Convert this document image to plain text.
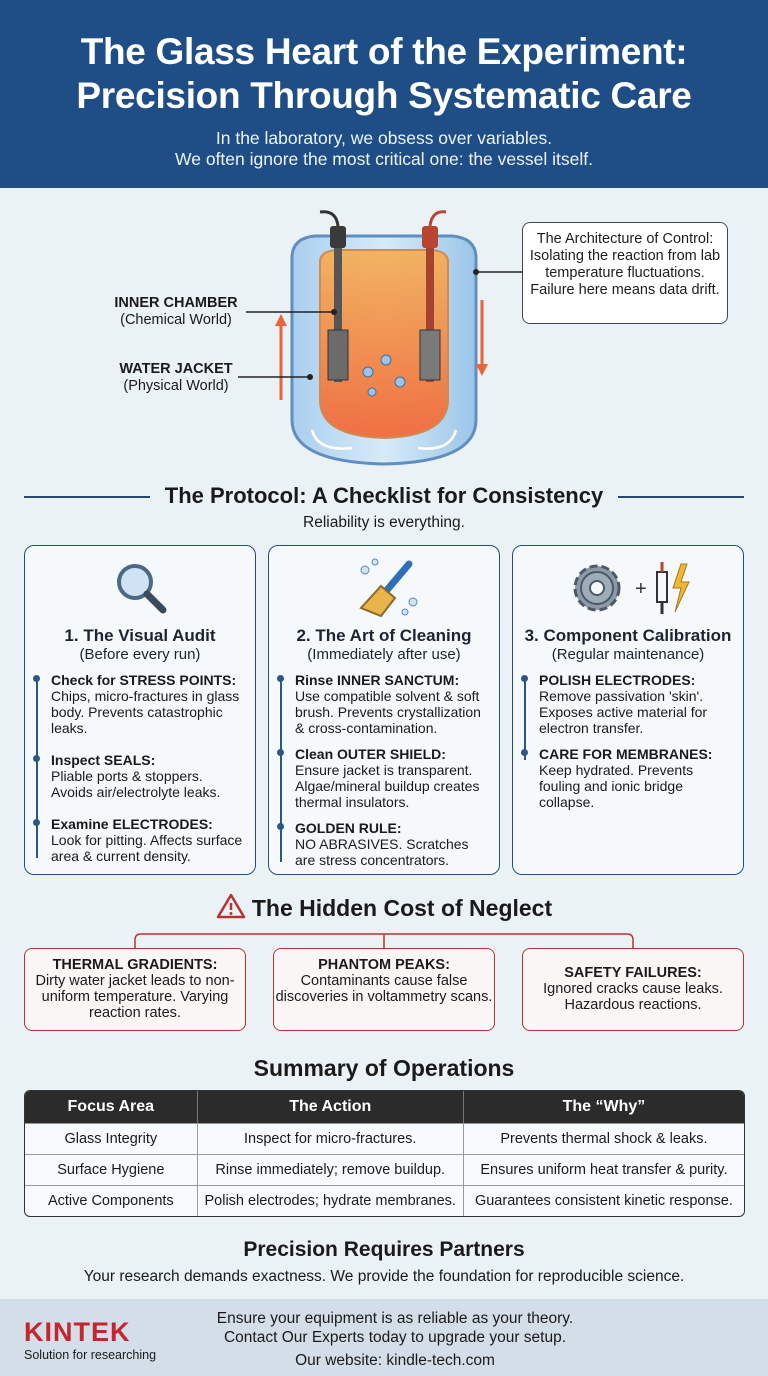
The Glass Heart of the Experiment:
Precision Through Systematic Care
In the laboratory, we obsess over variables.
We often ignore the most critical one: the vessel itself.
INNER CHAMBER
(Chemical World)
WATER JACKET
(Physical World)
The Architecture of Control: Isolating the reaction from lab temperature fluctuations. Failure here means data drift.
The Protocol: A Checklist for Consistency
Reliability is everything.
1. The Visual Audit
(Before every run)
Check for STRESS POINTS:
Chips, micro-fractures in glass body. Prevents catastrophic leaks.
Inspect SEALS:
Pliable ports & stoppers. Avoids air/electrolyte leaks.
Examine ELECTRODES:
Look for pitting. Affects surface area & current density.
2. The Art of Cleaning
(Immediately after use)
Rinse INNER SANCTUM:
Use compatible solvent & soft brush. Prevents crystallization & cross-contamination.
Clean OUTER SHIELD:
Ensure jacket is transparent. Algae/mineral buildup creates thermal insulators.
GOLDEN RULE:
NO ABRASIVES. Scratches are stress concentrators.
+
3. Component Calibration
(Regular maintenance)
POLISH ELECTRODES:
Remove passivation 'skin'. Exposes active material for electron transfer.
CARE FOR MEMBRANES:
Keep hydrated. Prevents fouling and ionic bridge collapse.
The Hidden Cost of Neglect
THERMAL GRADIENTS:
Dirty water jacket leads to non-uniform temperature. Varying reaction rates.
PHANTOM PEAKS:
Contaminants cause false discoveries in voltammetry scans.
SAFETY FAILURES:
Ignored cracks cause leaks. Hazardous reactions.
Summary of Operations
Focus Area	The Action	The “Why”
Glass Integrity	Inspect for micro-fractures.	Prevents thermal shock & leaks.
Surface Hygiene	Rinse immediately; remove buildup.	Ensures uniform heat transfer & purity.
Active Components	Polish electrodes; hydrate membranes.	Guarantees consistent kinetic response.
Precision Requires Partners
Your research demands exactness. We provide the foundation for reproducible science.
KINTEK
Solution for researching
Ensure your equipment is as reliable as your theory.
Contact Our Experts today to upgrade your setup.
Our website: kindle-tech.com
